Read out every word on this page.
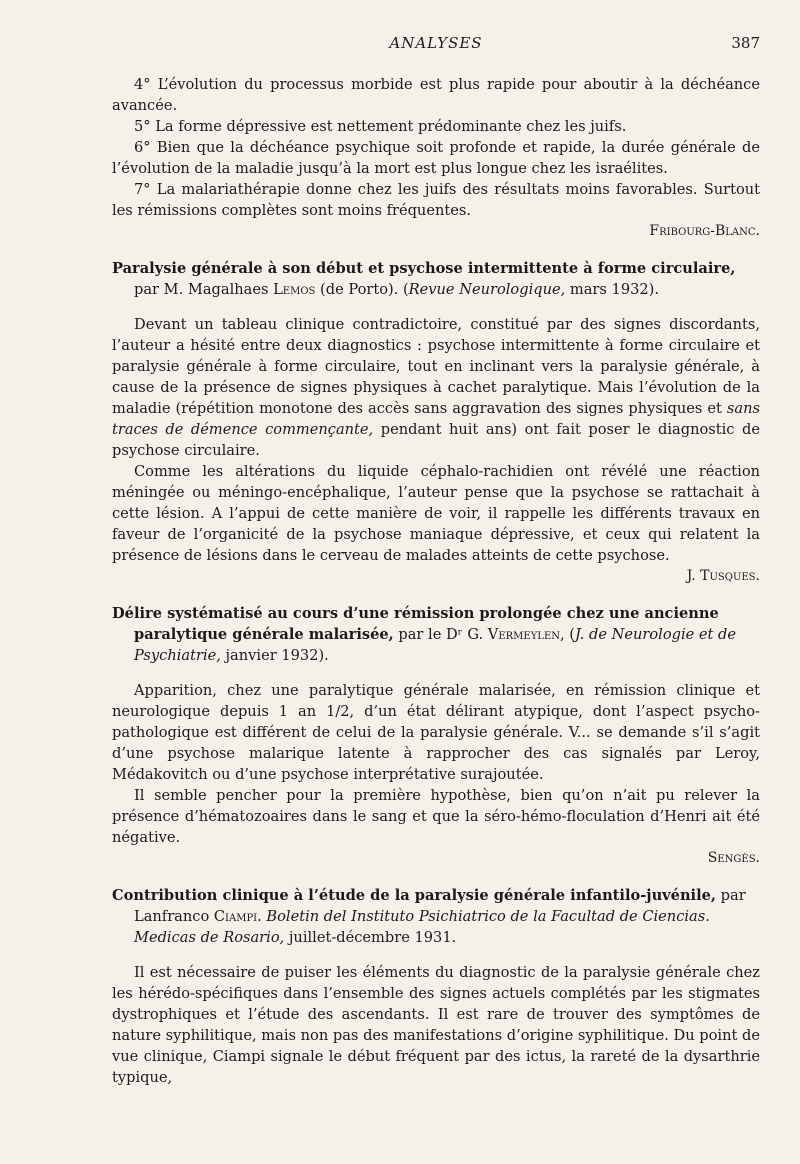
ANALYSES	387

4° L’évolution du processus morbide est plus rapide pour aboutir à la déchéance avancée.

5° La forme dépressive est nettement prédominante chez les juifs.

6° Bien que la déchéance psychique soit profonde et rapide, la durée générale de l’évolution de la maladie jusqu’à la mort est plus longue chez les israélites.

7° La malariathérapie donne chez les juifs des résultats moins favorables. Surtout les rémissions complètes sont moins fréquentes.

Fribourg-Blanc.
Paralysie générale à son début et psychose intermittente à forme circulaire, par M. Magalhaes Lemos (de Porto). (Revue Neurologique, mars 1932).

Devant un tableau clinique contradictoire, constitué par des signes discordants, l’auteur a hésité entre deux diagnostics : psychose intermittente à forme circulaire et paralysie générale à forme circulaire, tout en inclinant vers la paralysie générale, à cause de la présence de signes physiques à cachet paralytique. Mais l’évolution de la maladie (répétition monotone des accès sans aggravation des signes physiques et sans traces de démence commençante, pendant huit ans) ont fait poser le diagnostic de psychose circulaire.

Comme les altérations du liquide céphalo-rachidien ont révélé une réaction méningée ou méningo-encéphalique, l’auteur pense que la psychose se rattachait à cette lésion. A l’appui de cette manière de voir, il rappelle les différents travaux en faveur de l’organicité de la psychose maniaque dépressive, et ceux qui relatent la présence de lésions dans le cerveau de malades atteints de cette psychose.

J. Tusques.
Délire systématisé au cours d’une rémission prolongée chez une ancienne paralytique générale malarisée, par le Dʳ G. Vermeylen, (J. de Neurologie et de Psychiatrie, janvier 1932).

Apparition, chez une paralytique générale malarisée, en rémission clinique et neurologique depuis 1 an 1/2, d’un état délirant atypique, dont l’aspect psycho-pathologique est différent de celui de la paralysie générale. V... se demande s’il s’agit d’une psychose malarique latente à rapprocher des cas signalés par Leroy, Médakovitch ou d’une psychose interprétative surajoutée.

Il semble pencher pour la première hypothèse, bien qu’on n’ait pu relever la présence d’hématozoaires dans le sang et que la séro-hémo-floculation d’Henri ait été négative.

Sengès.
Contribution clinique à l’étude de la paralysie générale infantilo-juvénile, par Lanfranco Ciampi. Boletin del Instituto Psichiatrico de la Facultad de Ciencias. Medicas de Rosario, juillet-décembre 1931.

Il est nécessaire de puiser les éléments du diagnostic de la paralysie générale chez les hérédo-spécifiques dans l’ensemble des signes actuels complétés par les stigmates dystrophiques et l’étude des ascendants. Il est rare de trouver des symptômes de nature syphilitique, mais non pas des manifestations d’origine syphilitique. Du point de vue clinique, Ciampi signale le début fréquent par des ictus, la rareté de la dysarthrie typique,
